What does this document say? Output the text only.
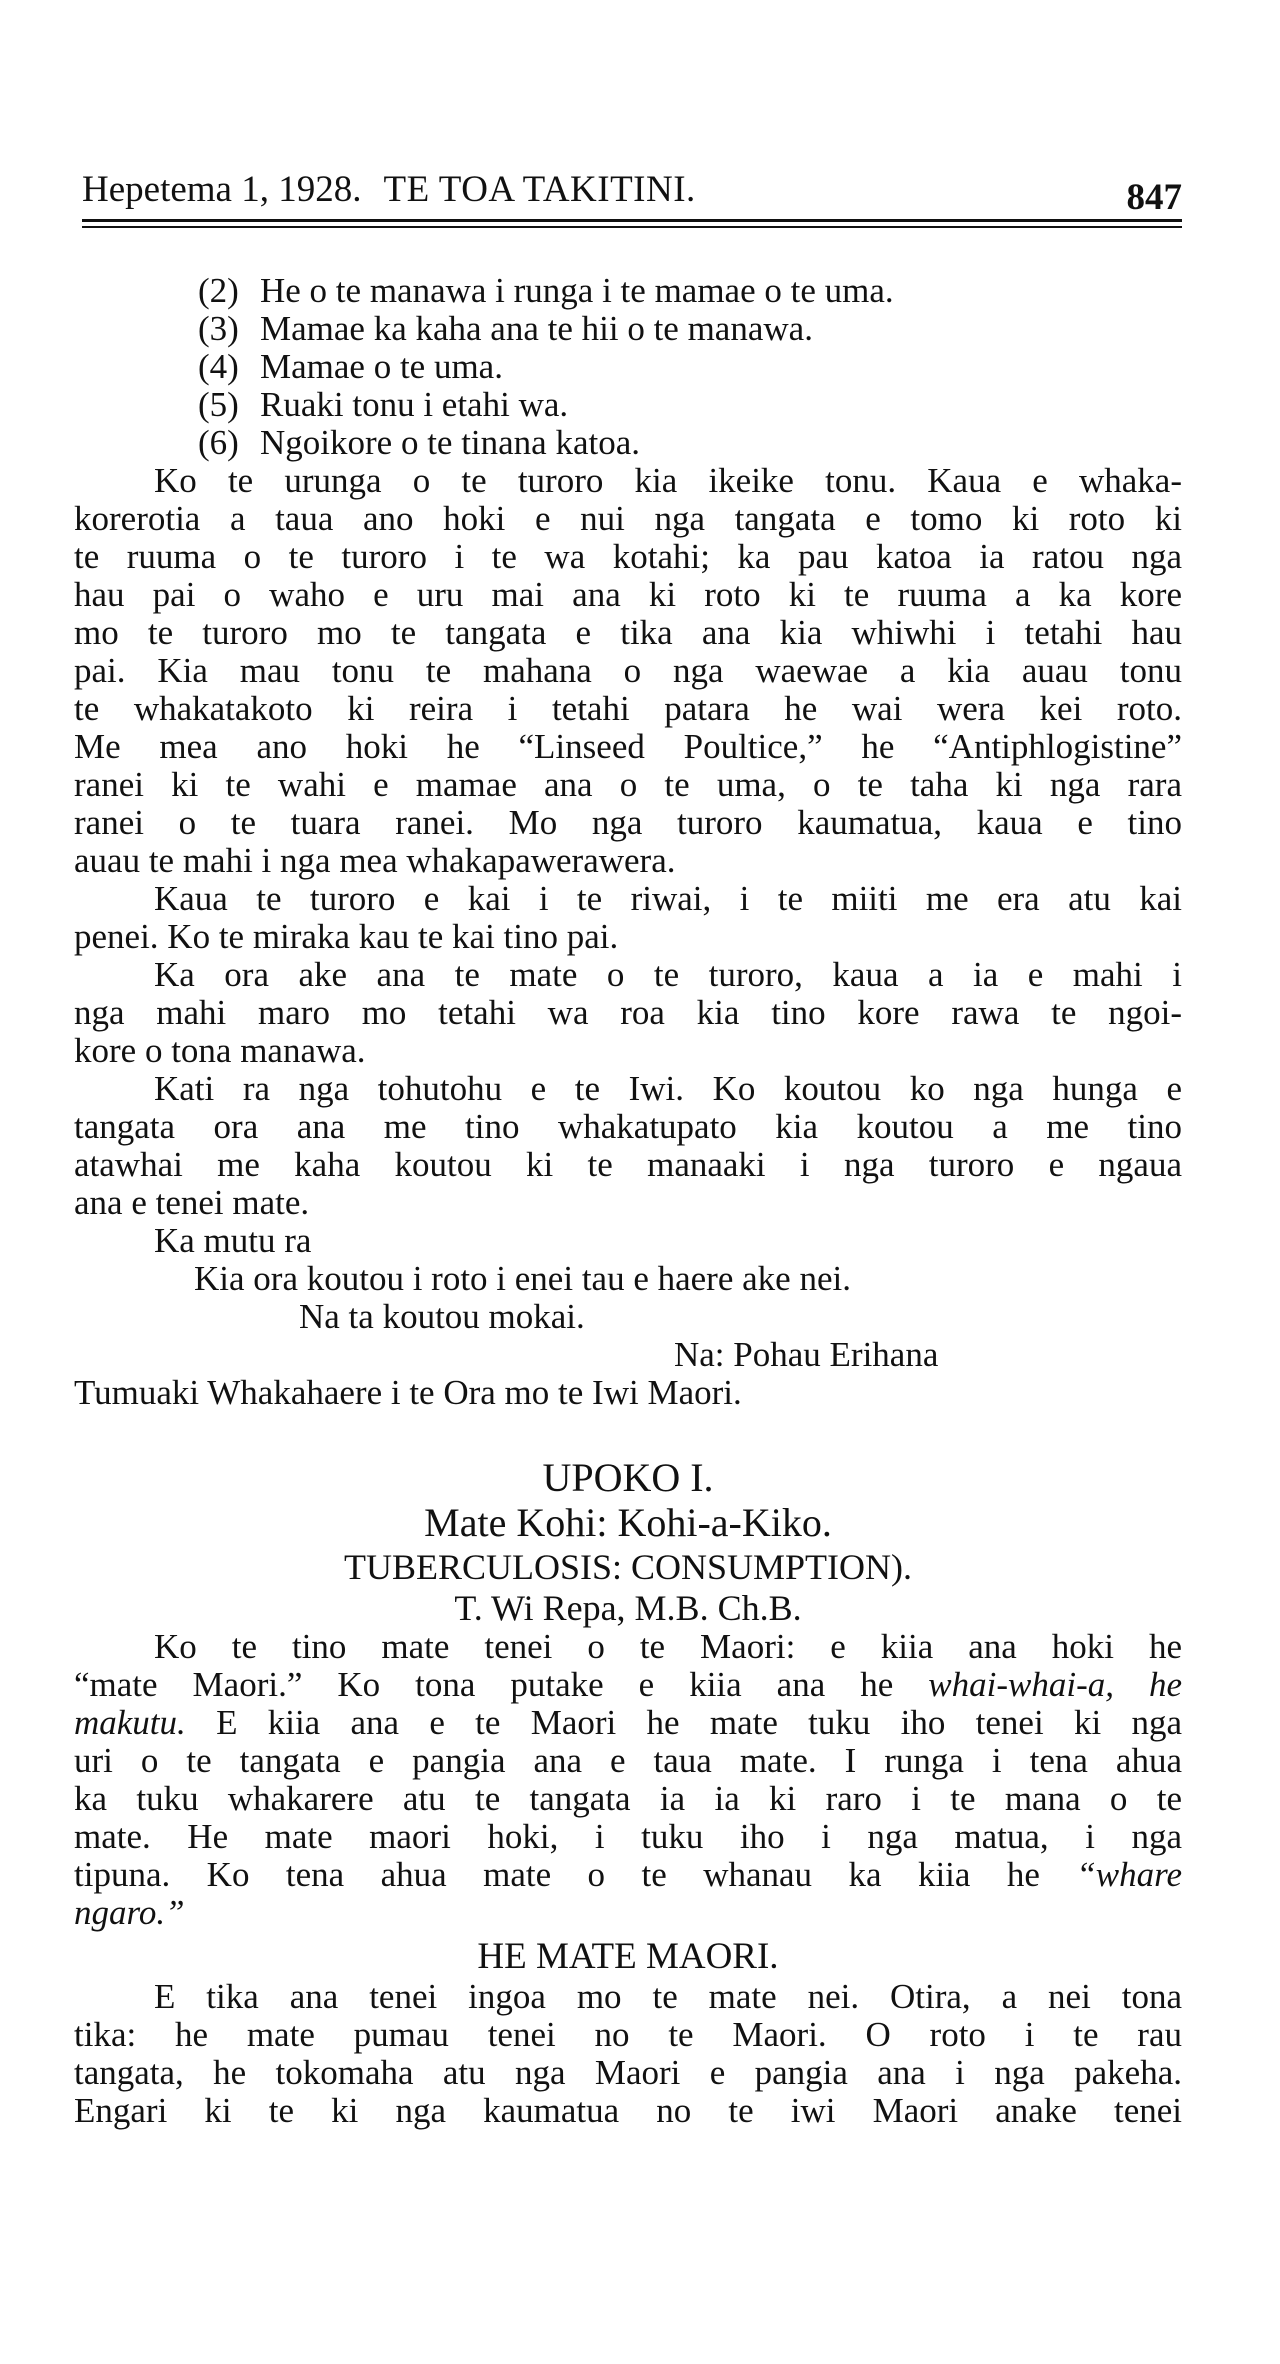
Hepetema 1, 1928. TE TOA TAKITINI.	847
(2) He o te manawa i runga i te mamae o te uma.
(3) Mamae ka kaha ana te hii o te manawa.
(4) Mamae o te uma.
(5) Ruaki tonu i etahi wa.
(6) Ngoikore o te tinana katoa.
Ko te urunga o te turoro kia ikeike tonu. Kaua e whaka-
korerotia a taua ano hoki e nui nga tangata e tomo ki roto ki
te ruuma o te turoro i te wa kotahi; ka pau katoa ia ratou nga
hau pai o waho e uru mai ana ki roto ki te ruuma a ka kore
mo te turoro mo te tangata e tika ana kia whiwhi i tetahi hau
pai. Kia mau tonu te mahana o nga waewae a kia auau tonu
te whakatakoto ki reira i tetahi patara he wai wera kei roto.
Me mea ano hoki he “Linseed Poultice,” he “Antiphlogistine”
ranei ki te wahi e mamae ana o te uma, o te taha ki nga rara
ranei o te tuara ranei. Mo nga turoro kaumatua, kaua e tino
auau te mahi i nga mea whakapawerawera.
Kaua te turoro e kai i te riwai, i te miiti me era atu kai
penei. Ko te miraka kau te kai tino pai.
Ka ora ake ana te mate o te turoro, kaua a ia e mahi i
nga mahi maro mo tetahi wa roa kia tino kore rawa te ngoi-
kore o tona manawa.
Kati ra nga tohutohu e te Iwi. Ko koutou ko nga hunga e
tangata ora ana me tino whakatupato kia koutou a me tino
atawhai me kaha koutou ki te manaaki i nga turoro e ngaua
ana e tenei mate.
Ka mutu ra
Kia ora koutou i roto i enei tau e haere ake nei.
Na ta koutou mokai.
Na: Pohau Erihana
Tumuaki Whakahaere i te Ora mo te Iwi Maori.
UPOKO I.
Mate Kohi: Kohi-a-Kiko.
TUBERCULOSIS: CONSUMPTION).
T. Wi Repa, M.B. Ch.B.
Ko te tino mate tenei o te Maori: e kiia ana hoki he
“mate Maori.” Ko tona putake e kiia ana he whai-whai-a, he
makutu. E kiia ana e te Maori he mate tuku iho tenei ki nga
uri o te tangata e pangia ana e taua mate. I runga i tena ahua
ka tuku whakarere atu te tangata ia ia ki raro i te mana o te
mate. He mate maori hoki, i tuku iho i nga matua, i nga
tipuna. Ko tena ahua mate o te whanau ka kiia he “whare
ngaro.”
HE MATE MAORI.
E tika ana tenei ingoa mo te mate nei. Otira, a nei tona
tika: he mate pumau tenei no te Maori. O roto i te rau
tangata, he tokomaha atu nga Maori e pangia ana i nga pakeha.
Engari ki te ki nga kaumatua no te iwi Maori anake tenei
